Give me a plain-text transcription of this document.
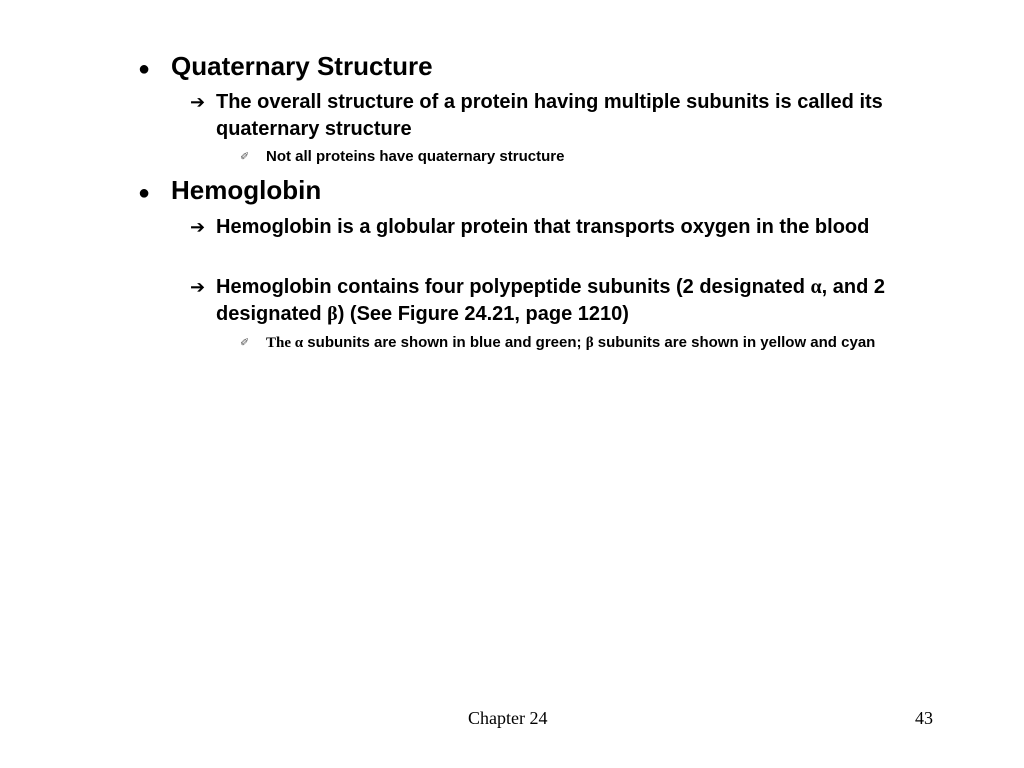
● Quaternary Structure
➔ The overall structure of a protein having multiple subunits is called its quaternary structure
✐	Not all proteins have quaternary structure
● Hemoglobin
➔ Hemoglobin is a globular protein that transports oxygen in the blood
➔ Hemoglobin contains four polypeptide subunits (2 designated α, and 2 designated β) (See Figure 24.21, page 1210)
✐	The α subunits are shown in blue and green; β subunits are shown in yellow and cyan
Chapter 24	43
